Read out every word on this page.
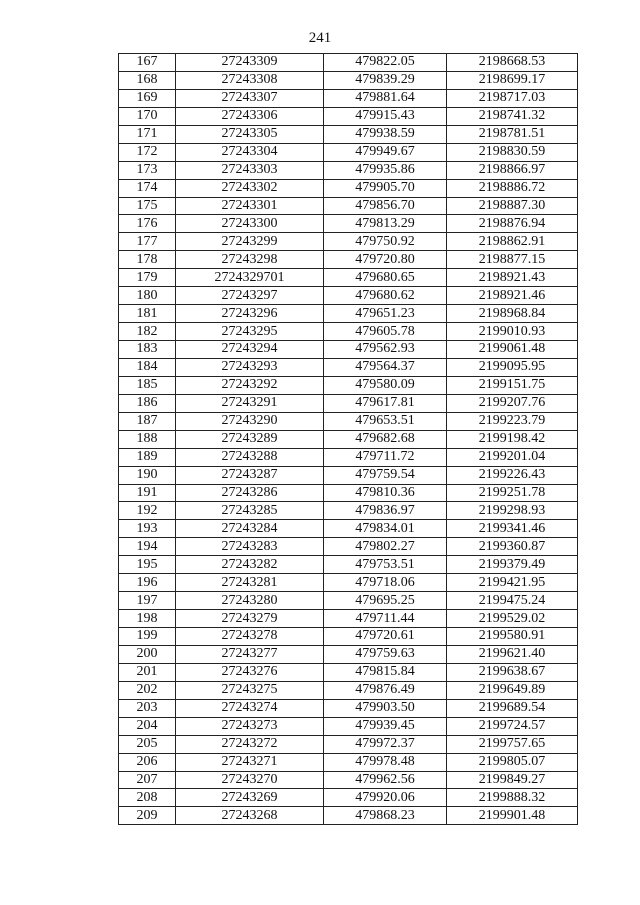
241
167	27243309	479822.05	2198668.53
168	27243308	479839.29	2198699.17
169	27243307	479881.64	2198717.03
170	27243306	479915.43	2198741.32
171	27243305	479938.59	2198781.51
172	27243304	479949.67	2198830.59
173	27243303	479935.86	2198866.97
174	27243302	479905.70	2198886.72
175	27243301	479856.70	2198887.30
176	27243300	479813.29	2198876.94
177	27243299	479750.92	2198862.91
178	27243298	479720.80	2198877.15
179	2724329701	479680.65	2198921.43
180	27243297	479680.62	2198921.46
181	27243296	479651.23	2198968.84
182	27243295	479605.78	2199010.93
183	27243294	479562.93	2199061.48
184	27243293	479564.37	2199095.95
185	27243292	479580.09	2199151.75
186	27243291	479617.81	2199207.76
187	27243290	479653.51	2199223.79
188	27243289	479682.68	2199198.42
189	27243288	479711.72	2199201.04
190	27243287	479759.54	2199226.43
191	27243286	479810.36	2199251.78
192	27243285	479836.97	2199298.93
193	27243284	479834.01	2199341.46
194	27243283	479802.27	2199360.87
195	27243282	479753.51	2199379.49
196	27243281	479718.06	2199421.95
197	27243280	479695.25	2199475.24
198	27243279	479711.44	2199529.02
199	27243278	479720.61	2199580.91
200	27243277	479759.63	2199621.40
201	27243276	479815.84	2199638.67
202	27243275	479876.49	2199649.89
203	27243274	479903.50	2199689.54
204	27243273	479939.45	2199724.57
205	27243272	479972.37	2199757.65
206	27243271	479978.48	2199805.07
207	27243270	479962.56	2199849.27
208	27243269	479920.06	2199888.32
209	27243268	479868.23	2199901.48
